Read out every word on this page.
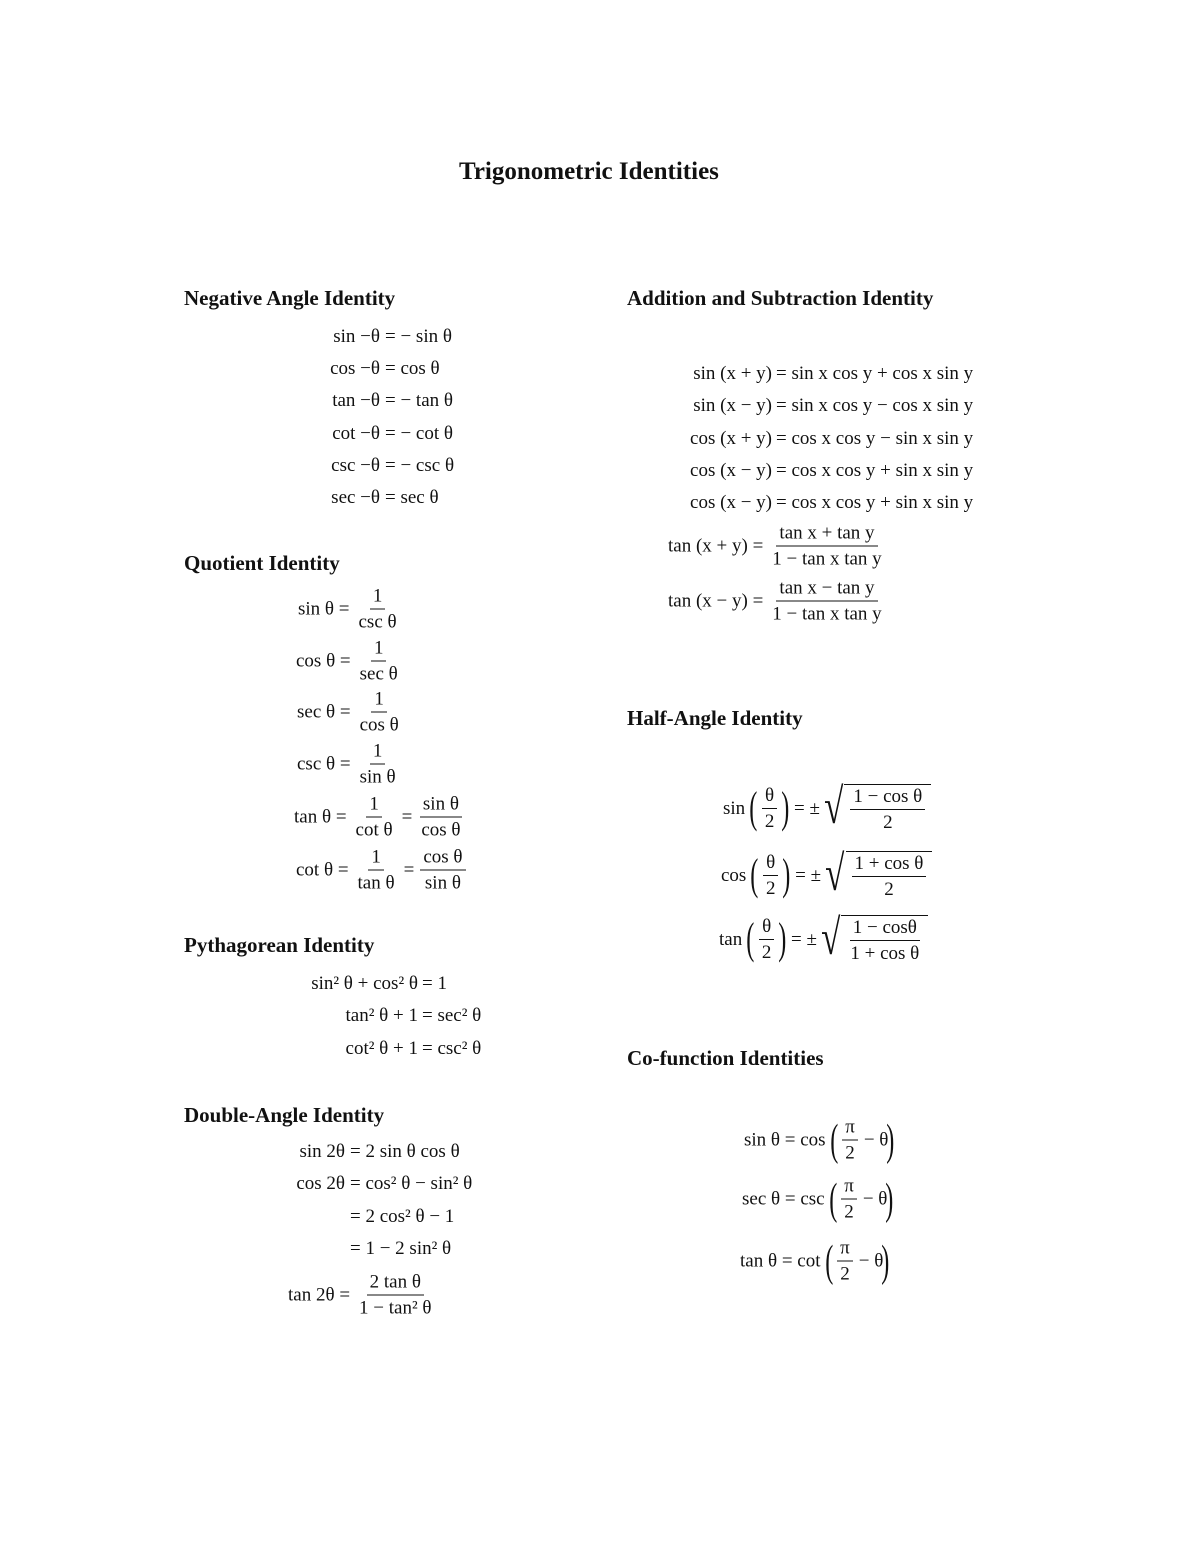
Trigonometric Identities
Negative Angle Identity
sin −θ = − sin θ
cos −θ = cos θ
tan −θ = − tan θ
cot −θ = − cot θ
csc −θ = − csc θ
sec −θ = sec θ
Quotient Identity
$\sin \theta = \frac{1}{\text{csc θ}}$
$\cos \theta = \frac{1}{\text{sec θ}}$
$\sec \theta = \frac{1}{\text{cos θ}}$
$\csc \theta = \frac{1}{\text{sin θ}}$
$\tan \theta = \frac{1}{\text{cot θ}} = \frac{\text{sin θ}}{\text{cos θ}}$
$\cot \theta = \frac{1}{\text{tan θ}} = \frac{\text{cos θ}}{\text{sin θ}}$
Pythagorean Identity
sin² θ + cos² θ = 1
tan² θ + 1 = sec² θ
cot² θ + 1 = csc² θ
Double-Angle Identity
sin 2θ = 2 sin θ cos θ
cos 2θ = cos² θ − sin² θ
= 2 cos² θ − 1
= 1 − 2 sin² θ
$\tan 2\theta = \frac{\text{2 tan θ}}{\text{1 − tan² θ}}$
Addition and Subtraction Identity
sin (x + y) = sin x cos y + cos x sin y
sin (x − y) = sin x cos y − cos x sin y
cos (x + y) = cos x cos y − sin x sin y
cos (x − y) = cos x cos y + sin x sin y
cos (x − y) = cos x cos y + sin x sin y
$\tan (x + y) = \frac{\text{tan x + tan y}}{\text{1 − tan x tan y}}$
$\tan (x - y) = \frac{\text{tan x − tan y}}{\text{1 − tan x tan y}}$
Half-Angle Identity
sin ( $\frac{\theta}{2}$ ) = ± √ $\frac{\text{1 − cos θ}}{2}$
cos ( $\frac{\theta}{2}$ ) = ± √ $\frac{\text{1 + cos θ}}{2}$
tan ( $\frac{\theta}{2}$ ) = ± √ $\frac{1 - \cos\theta}{\text{1 + cos θ}}$
Co-function Identities
sin θ = cos ( $\frac{\pi}{2} - \theta$
)
sec θ = csc ( $\frac{\pi}{2} - \theta$
)
tan θ = cot ( $\frac{\pi}{2} - \theta$
)
